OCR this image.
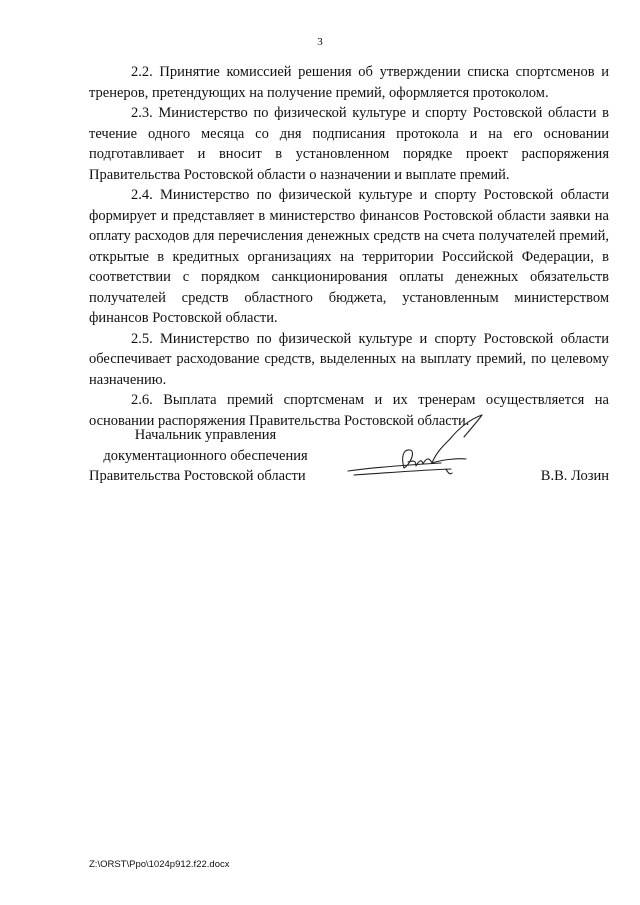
3

2.2. Принятие комиссией решения об утверждении списка спортсменов и тренеров, претендующих на получение премий, оформляется протоколом.

2.3. Министерство по физической культуре и спорту Ростовской области в течение одного месяца со дня подписания протокола и на его основании подготавливает и вносит в установленном порядке проект распоряжения Правительства Ростовской области о назначении и выплате премий.

2.4. Министерство по физической культуре и спорту Ростовской области формирует и представляет в министерство финансов Ростовской области заявки на оплату расходов для перечисления денежных средств на счета получателей премий, открытые в кредитных организациях на территории Российской Федерации, в соответствии с порядком санкционирования оплаты денежных обязательств получателей средств областного бюджета, установленным министерством финансов Ростовской области.

2.5. Министерство по физической культуре и спорту Ростовской области обеспечивает расходование средств, выделенных на выплату премий, по целевому назначению.

2.6. Выплата премий спортсменам и их тренерам осуществляется на основании распоряжения Правительства Ростовской области.

Начальник управления
документационного обеспечения
Правительства Ростовской области	В.В. Лозин
Z:\ORST\Ppo\1024p912.f22.docx
